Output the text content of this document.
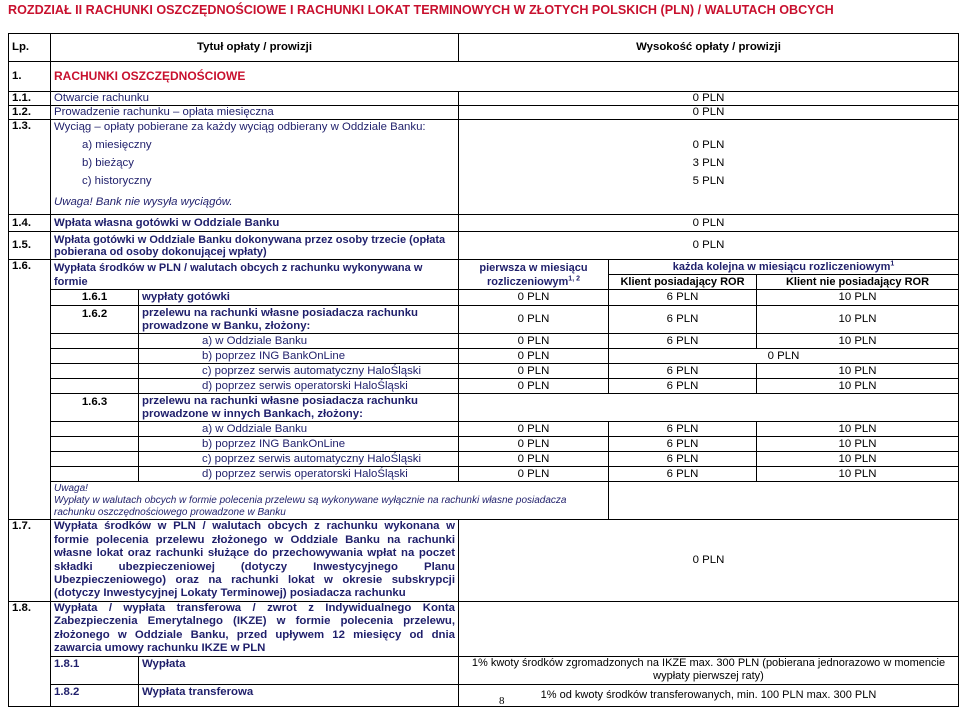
ROZDZIAŁ II RACHUNKI OSZCZĘDNOŚCIOWE I RACHUNKI LOKAT TERMINOWYCH W ZŁOTYCH POLSKICH (PLN) / WALUTACH OBCYCH
Lp.	Tytuł opłaty / prowizji		Wysokość opłaty / prowizji		
1.	RACHUNKI OSZCZĘDNOŚCIOWE				
1.1.	Otwarcie rachunku		0 PLN		
1.2.	Prowadzenie rachunku – opłata miesięczna		0 PLN		
1.3.	Wyciąg – opłaty pobierane za każdy wyciąg odbierany w Oddziale Banku:				
	a) miesięczny		0 PLN		
	b) bieżący		3 PLN		
	c) historyczny		5 PLN		
	Uwaga! Bank nie wysyła wyciągów.				
1.4.	Wpłata własna gotówki w Oddziale Banku		0 PLN		
1.5.	Wpłata gotówki w Oddziale Banku dokonywana przez osoby trzecie (opłata pobierana od osoby dokonującej wpłaty)		0 PLN		
1.6.	Wypłata środków w PLN / walutach obcych z rachunku wykonywana w formie		pierwsza w miesiącu rozliczeniowym$^{1, 2}$	każda kolejna w miesiącu rozliczeniowym$^1$
				Klient posiadający ROR	Klient nie posiadający ROR
	1.6.1	wypłaty gotówki	0 PLN	6 PLN	10 PLN
	1.6.2	przelewu na rachunki własne posiadacza rachunku prowadzone w Banku, złożony:	0 PLN	6 PLN	10 PLN
		a) w Oddziale Banku	0 PLN	6 PLN	10 PLN
		b) poprzez ING BankOnLine	0 PLN	0 PLN	
		c) poprzez serwis automatyczny HaloŚląski	0 PLN	6 PLN	10 PLN
		d) poprzez serwis operatorski HaloŚląski	0 PLN	6 PLN	10 PLN
	1.6.3	przelewu na rachunki własne posiadacza rachunku prowadzone w innych Bankach, złożony:			
		a) w Oddziale Banku	0 PLN	6 PLN	10 PLN
		b) poprzez ING BankOnLine	0 PLN	6 PLN	10 PLN
		c) poprzez serwis automatyczny HaloŚląski	0 PLN	6 PLN	10 PLN
		d) poprzez serwis operatorski HaloŚląski	0 PLN	6 PLN	10 PLN

	Uwaga!
Wypłaty w walutach obcych w formie polecenia przelewu są wykonywane wyłącznie na rachunki własne posiadacza rachunku oszczędnościowego prowadzone w Banku				

1.7.	Wypłata środków w PLN / walutach obcych z rachunku wykonana w formie polecenia przelewu złożonego w Oddziale Banku na rachunki własne lokat oraz rachunki służące do przechowywania wpłat na poczet składki ubezpieczeniowej (dotyczy Inwestycyjnego Planu Ubezpieczeniowego) oraz na rachunki lokat w okresie subskrypcji (dotyczy Inwestycyjnej Lokaty Terminowej) posiadacza rachunku		0 PLN		
1.8.	Wypłata / wypłata transferowa / zwrot z Indywidualnego Konta Zabezpieczenia Emerytalnego (IKZE) w formie polecenia przelewu, złożonego w Oddziale Banku, przed upływem 12 miesięcy od dnia zawarcia umowy rachunku IKZE w PLN				
	1.8.1	Wypłata	1% kwoty środków zgromadzonych na IKZE max. 300 PLN (pobierana jednorazowo w momencie wypłaty pierwszej raty)		
	1.8.2	Wypłata transferowa	1% od kwoty środków transferowanych, min. 100 PLN max. 300 PLN		
8
